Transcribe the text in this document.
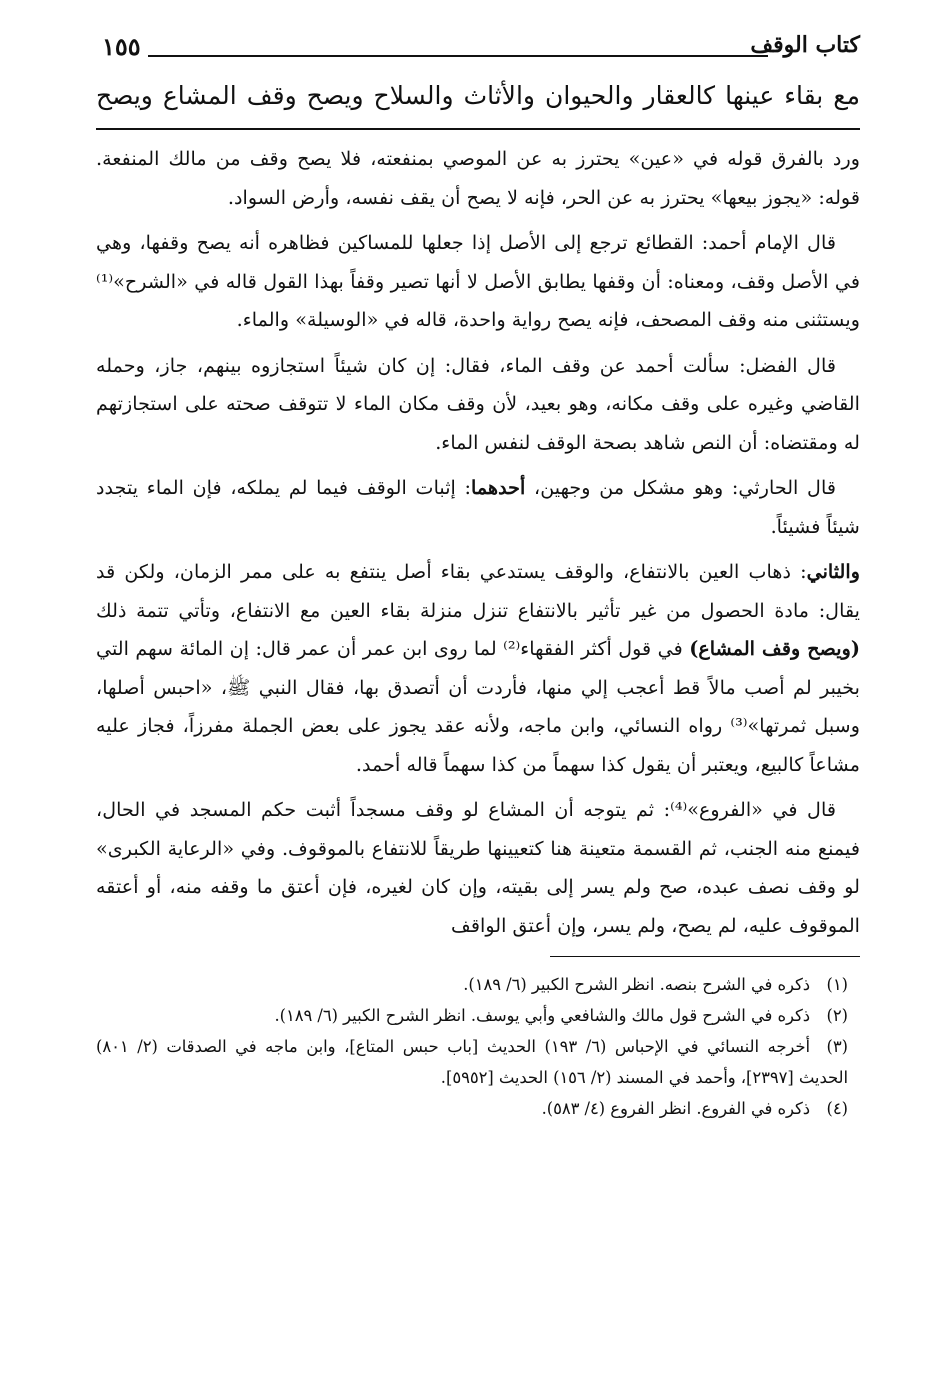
كتاب الوقف
١٥٥
مع بقاء عينها كالعقار والحيوان والأثاث والسلاح ويصح وقف المشاع ويصح

ورد بالفرق قوله في «عين» يحترز به عن الموصي بمنفعته، فلا يصح وقف من مالك المنفعة. قوله: «يجوز بيعها» يحترز به عن الحر، فإنه لا يصح أن يقف نفسه، وأرض السواد.

قال الإمام أحمد: القطائع ترجع إلى الأصل إذا جعلها للمساكين فظاهره أنه يصح وقفها، وهي في الأصل وقف، ومعناه: أن وقفها يطابق الأصل لا أنها تصير وقفاً بهذا القول قاله في «الشرح»⁽¹⁾ ويستثنى منه وقف المصحف، فإنه يصح رواية واحدة، قاله في «الوسيلة» والماء.

قال الفضل: سألت أحمد عن وقف الماء، فقال: إن كان شيئاً استجازوه بينهم، جاز، وحمله القاضي وغيره على وقف مكانه، وهو بعيد، لأن وقف مكان الماء لا تتوقف صحته على استجازتهم له ومقتضاه: أن النص شاهد بصحة الوقف لنفس الماء.

قال الحارثي: وهو مشكل من وجهين، أحدهما: إثبات الوقف فيما لم يملكه، فإن الماء يتجدد شيئاً فشيئاً.

والثاني: ذهاب العين بالانتفاع، والوقف يستدعي بقاء أصل ينتفع به على ممر الزمان، ولكن قد يقال: مادة الحصول من غير تأثير بالانتفاع تنزل منزلة بقاء العين مع الانتفاع، وتأتي تتمة ذلك (ويصح وقف المشاع) في قول أكثر الفقهاء⁽²⁾ لما روى ابن عمر أن عمر قال: إن المائة سهم التي بخيبر لم أصب مالاً قط أعجب إلي منها، فأردت أن أتصدق بها، فقال النبي ﷺ، «احبس أصلها، وسبل ثمرتها»⁽³⁾ رواه النسائي، وابن ماجه، ولأنه عقد يجوز على بعض الجملة مفرزاً، فجاز عليه مشاعاً كالبيع، ويعتبر أن يقول كذا سهماً من كذا سهماً قاله أحمد.

قال في «الفروع»⁽⁴⁾: ثم يتوجه أن المشاع لو وقف مسجداً أثبت حكم المسجد في الحال، فيمنع منه الجنب، ثم القسمة متعينة هنا كتعيينها طريقاً للانتفاع بالموقوف. وفي «الرعاية الكبرى» لو وقف نصف عبده، صح ولم يسر إلى بقيته، وإن كان لغيره، فإن أعتق ما وقفه منه، أو أعتقه الموقوف عليه، لم يصح، ولم يسر، وإن أعتق الواقف

(١)ذكره في الشرح بنصه. انظر الشرح الكبير (٦/ ١٨٩).

(٢)ذكره في الشرح قول مالك والشافعي وأبي يوسف. انظر الشرح الكبير (٦/ ١٨٩).

(٣)أخرجه النسائي في الإحباس (٦/ ١٩٣) الحديث [باب حبس المتاع]، وابن ماجه في الصدقات (٢/ ٨٠١) الحديث [٢٣٩٧]، وأحمد في المسند (٢/ ١٥٦) الحديث [٥٩٥٢].

(٤)ذكره في الفروع. انظر الفروع (٤/ ٥٨٣).
